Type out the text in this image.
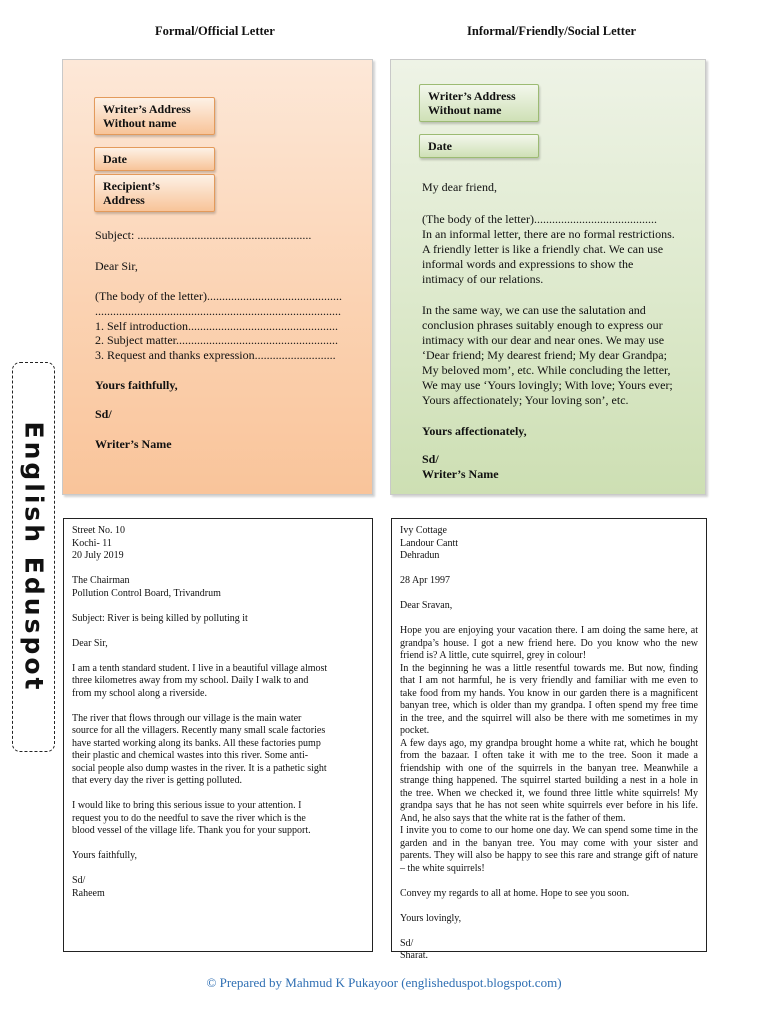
Formal/Official Letter	Informal/Friendly/Social Letter
Writer’s Address
Without name
Date
Recipient’s
Address
Subject: ..........................................................
Dear Sir,
(The body of the letter).............................................
..................................................................................
1. Self introduction..................................................
2. Subject matter......................................................
3. Request and thanks expression...........................
Yours faithfully,
Sd/
Writer’s Name
Writer’s Address
Without name
Date
My dear friend,
(The body of the letter).........................................
In an informal letter, there are no formal restrictions.
A friendly letter is like a friendly chat. We can use
informal words and expressions to show the
intimacy of our relations.
In the same way, we can use the salutation and
conclusion phrases suitably enough to express our
intimacy with our dear and near ones. We may use
‘Dear friend; My dearest friend; My dear Grandpa;
My beloved mom’, etc. While concluding the letter,
We may use ‘Yours lovingly; With love; Yours ever;
Yours affectionately; Your loving son’, etc.
Yours affectionately,
Sd/
Writer’s Name
Street No. 10
Kochi- 11
20 July 2019
The Chairman
Pollution Control Board, Trivandrum
Subject: River is being killed by polluting it
Dear Sir,
I am a tenth standard student. I live in a beautiful village almost
three kilometres away from my school. Daily I walk to and
from my school along a riverside.
The river that flows through our village is the main water
source for all the villagers. Recently many small scale factories
have started working along its banks. All these factories pump
their plastic and chemical wastes into this river. Some anti-
social people also dump wastes in the river. It is a pathetic sight
that every day the river is getting polluted.
I would like to bring this serious issue to your attention. I
request you to do the needful to save the river which is the
blood vessel of the village life. Thank you for your support.
Yours faithfully,
Sd/
Raheem
Ivy Cottage
Landour Cantt
Dehradun
28 Apr 1997
Dear Sravan,
Hope you are enjoying your vacation there. I am doing the same here, at grandpa’s house. I got a new friend here. Do you know who the new friend is? A little, cute squirrel, grey in colour!
In the beginning he was a little resentful towards me. But now, finding that I am not harmful, he is very friendly and familiar with me even to take food from my hands. You know in our garden there is a magnificent banyan tree, which is older than my grandpa. I often spend my free time in the tree, and the squirrel will also be there with me sometimes in my pocket.
A few days ago, my grandpa brought home a white rat, which he bought from the bazaar. I often take it with me to the tree. Soon it made a friendship with one of the squirrels in the banyan tree. Meanwhile a strange thing happened. The squirrel started building a nest in a hole in the tree. When we checked it, we found three little white squirrels! My grandpa says that he has not seen white squirrels ever before in his life. And, he also says that the white rat is the father of them.
I invite you to come to our home one day. We can spend some time in the garden and in the banyan tree. You may come with your sister and parents. They will also be happy to see this rare and strange gift of nature – the white squirrels!
Convey my regards to all at home. Hope to see you soon.
Yours lovingly,
Sd/
Sharat.
English Eduspot
© Prepared by Mahmud K Pukayoor (englisheduspot.blogspot.com)
